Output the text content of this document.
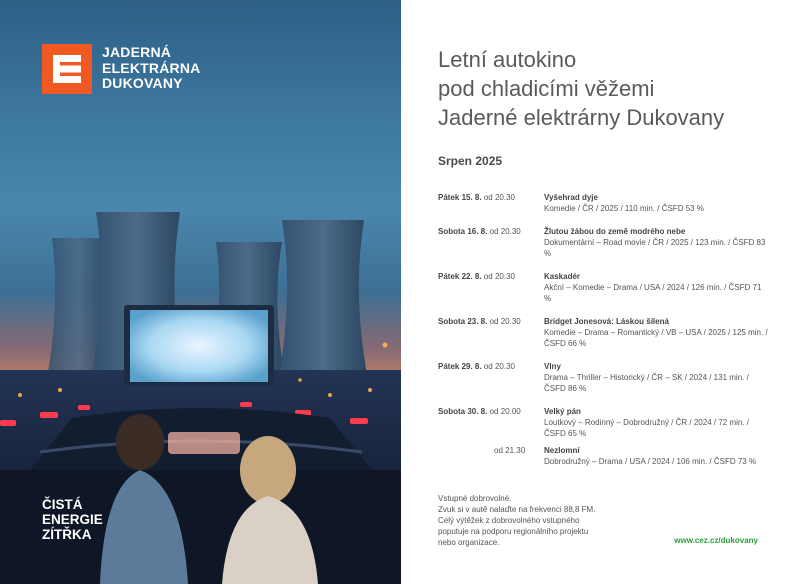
JADERNÁ
ELEKTRÁRNA
DUKOVANY
ČISTÁ
ENERGIE
ZÍTŘKA
Letní autokino
pod chladicími věžemi
Jaderné elektrárny Dukovany
Srpen 2025
Pátek 15. 8. od 20.30	Vyšehrad dyje
Komedie / ČR / 2025 / 110 min. / ČSFD 53 %
Sobota 16. 8. od 20.30	Žlutou žábou do země modrého nebe
Dokumentární – Road movie / ČR / 2025 / 123 min. / ČSFD 83 %
Pátek 22. 8. od 20.30	Kaskadér
Akční – Komedie – Drama / USA / 2024 / 126 min. / ČSFD 71 %
Sobota 23. 8. od 20.30	Bridget Jonesová: Láskou šílená
Komedie – Drama – Romantický / VB – USA / 2025 / 125 min. / ČSFD 66 %
Pátek 29. 8. od 20.30	Vlny
Drama – Thriller – Historický / ČR – SK / 2024 / 131 min. / ČSFD 86 %
Sobota 30. 8. od 20.00	Velký pán
Loutkový – Rodinný – Dobrodružný / ČR / 2024 / 72 min. / ČSFD 65 %
od 21.30 Nezlomní
Dobrodružný – Drama / USA / 2024 / 106 min. / ČSFD 73 %
Vstupné dobrovolné.
Zvuk si v autě nalaďte na frekvenci 88,8 FM.
Celý výtěžek z dobrovolného vstupného
poputuje na podporu regionálního projektu
nebo organizace.	www.cez.cz/dukovany
